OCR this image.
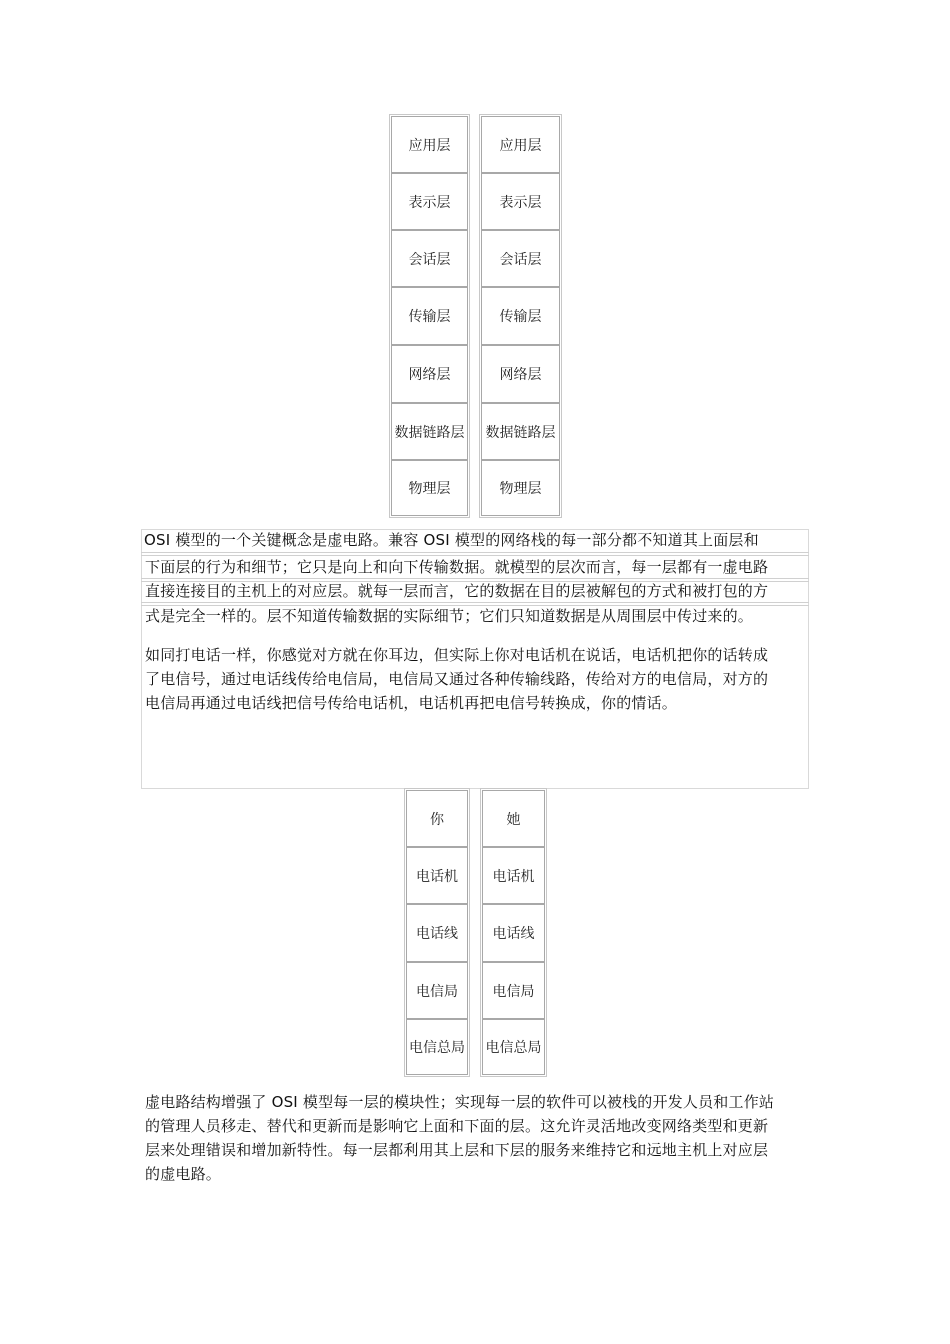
应用层
表示层
会话层
传输层
网络层
数据链路层
物理层
应用层
表示层
会话层
传输层
网络层
数据链路层
物理层

OSI 模型的一个关键概念是虚电路。兼容 OSI 模型的网络栈的每一部分都不知道其上面层和

下面层的行为和细节；它只是向上和向下传输数据。就模型的层次而言，每一层都有一虚电路

直接连接目的主机上的对应层。就每一层而言，它的数据在目的层被解包的方式和被打包的方

式是完全一样的。层不知道传输数据的实际细节；它们只知道数据是从周围层中传过来的。

如同打电话一样，你感觉对方就在你耳边，但实际上你对电话机在说话，电话机把你的话转成

了电信号，通过电话线传给电信局，电信局又通过各种传输线路，传给对方的电信局，对方的

电信局再通过电话线把信号传给电话机，电话机再把电信号转换成，你的情话。

你
电话机
电话线
电信局
电信总局
她
电话机
电话线
电信局
电信总局

虚电路结构增强了 OSI 模型每一层的模块性；实现每一层的软件可以被栈的开发人员和工作站

的管理人员移走、替代和更新而是影响它上面和下面的层。这允许灵活地改变网络类型和更新

层来处理错误和增加新特性。每一层都利用其上层和下层的服务来维持它和远地主机上对应层

的虚电路。
